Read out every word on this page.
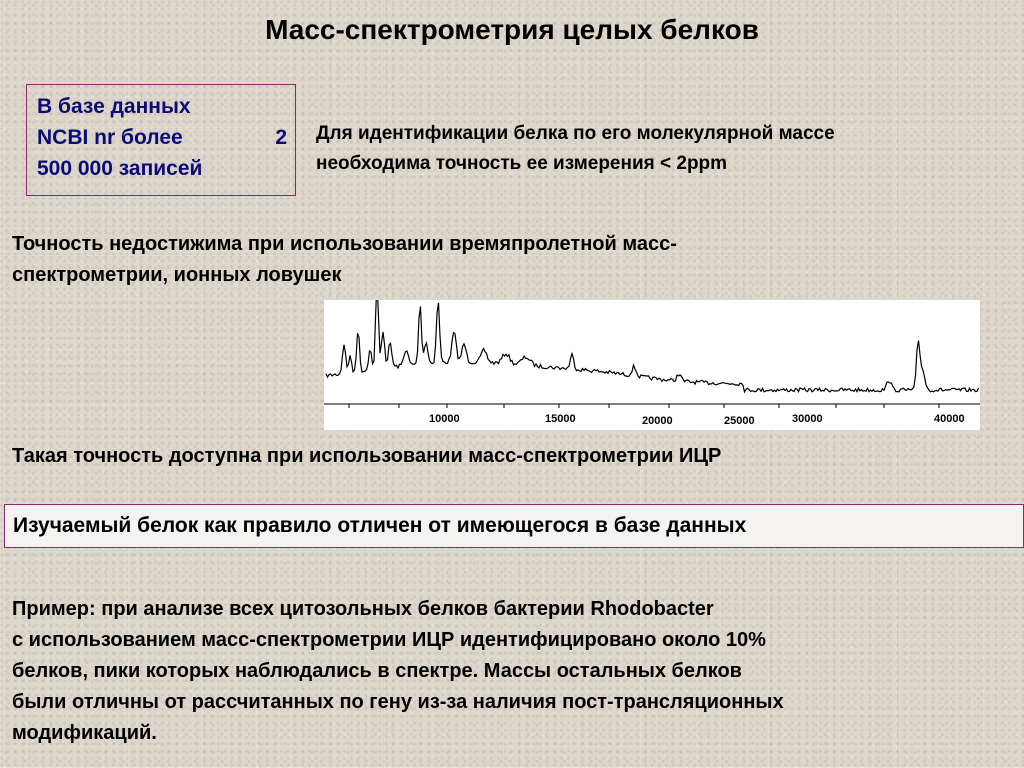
Масс-спектрометрия целых белков
В базе данных
NCBI nr более	2
500 000 записей
Для идентификации белка по его молекулярной массе
необходима точность ее измерения < 2ppm
Точность недостижима при использовании времяпролетной масс-
спектрометрии, ионных ловушек
10000	15000	20000	25000	30000	40000
Такая точность доступна при использовании масс-спектрометрии ИЦР
Изучаемый белок как правило отличен от имеющегося в базе данных
Пример: при анализе всех цитозольных белков бактерии Rhodobacter
с использованием масс-спектрометрии ИЦР идентифицировано около 10%
белков, пики которых наблюдались в спектре. Массы остальных белков
были отличны от рассчитанных по гену из-за наличия пост-трансляционных
модификаций.
